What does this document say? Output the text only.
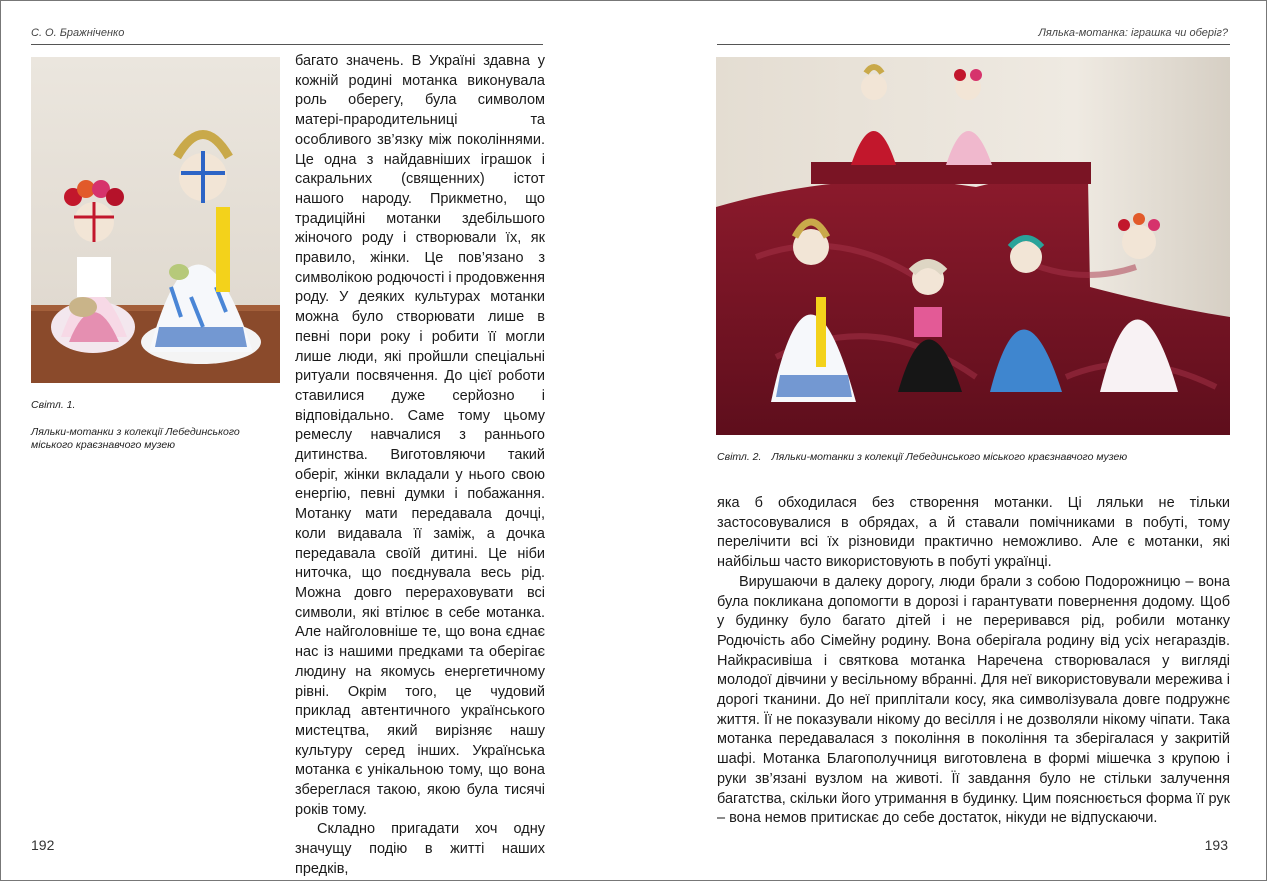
С. О. Бражніченко	Лялька-мотанка: іграшка чи оберіг?
Світл. 1.
Ляльки-мотанки з колекції Лебединського міського краєзнавчого музею

багато значень. В Україні здавна у кожній родині мотанка виконувала роль оберегу, була символом матері-прародительниці та особливого зв’язку між поколіннями. Це одна з найдавніших іграшок і сакральних (священних) істот нашого народу. Прикметно, що традиційні мотанки здебільшого жіночого роду і створювали їх, як правило, жінки. Це пов’язано з символікою родючості і продовження роду. У деяких культурах мотанки можна було створювати лише в певні пори року і робити її могли лише люди, які пройшли спеціальні ритуали посвячення. До цієї роботи ставилися дуже серйозно і відповідально. Саме тому цьому ремеслу навчалися з раннього дитинства. Виготовляючи такий оберіг, жінки вкладали у нього свою енергію, певні думки і побажання. Мотанку мати передавала дочці, коли видавала її заміж, а дочка передавала своїй дитині. Це ніби ниточка, що поєднувала весь рід. Можна довго перераховувати всі символи, які втілює в себе мотанка. Але найголовніше те, що вона єднає нас із нашими предками та оберігає людину на якомусь енергетичному рівні. Окрім того, це чудовий приклад автентичного українського мистецтва, який вирізняє нашу культуру серед інших. Українська мотанка є унікальною тому, що вона збереглася такою, якою була тисячі років тому.

Складно пригадати хоч одну значущу подію в житті наших предків,

Світл. 2. Ляльки-мотанки з колекції Лебединського міського краєзнавчого музею

яка б обходилася без створення мотанки. Ці ляльки не тільки застосовувалися в обрядах, а й ставали помічниками в побуті, тому перелічити всі їх різновиди практично неможливо. Але є мотанки, які найбільш часто використовують в побуті українці.

Вирушаючи в далеку дорогу, люди брали з собою Подорожницю – вона була покликана допомогти в дорозі і гарантувати повернення додому. Щоб у будинку було багато дітей і не переривався рід, робили мотанку Родючість або Сімейну родину. Вона оберігала родину від усіх негараздів. Найкрасивіша і святкова мотанка Наречена створювалася у вигляді молодої дівчини у весільному вбранні. Для неї використовували мережива і дорогі тканини. До неї приплітали косу, яка символізувала довге подружнє життя. Її не показували нікому до весілля і не дозволяли нікому чіпати. Така мотанка передавалася з покоління в покоління та зберігалася у закритій шафі. Мотанка Благополучниця виготовлена в формі мішечка з крупою і руки зв’язані вузлом на животі. Її завдання було не стільки залучення багатства, скільки його утримання в будинку. Цим пояснюється форма її рук – вона немов притискає до себе достаток, нікуди не відпускаючи.

192	193
